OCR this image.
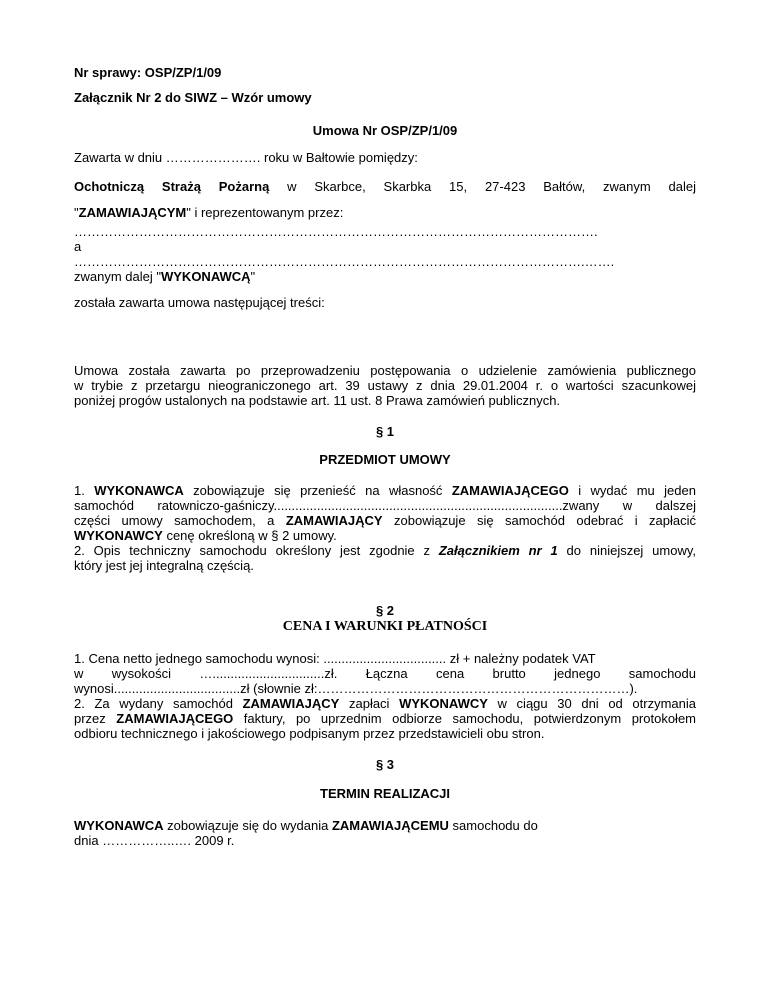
Nr sprawy: OSP/ZP/1/09
Załącznik Nr 2 do SIWZ – Wzór umowy
Umowa Nr OSP/ZP/1/09
Zawarta w dniu …………………. roku w Bałtowie pomiędzy:
Ochotniczą Strażą Pożarną w Skarbce, Skarbka 15, 27-423 Bałtów, zwanym dalej
"ZAMAWIAJĄCYM" i reprezentowanym przez:
………………………………………………………………………………………………………….
a
……………………………………………………………………………………………………….…….
zwanym dalej "WYKONAWCĄ"
została zawarta umowa następującej treści:
Umowa została zawarta po przeprowadzeniu postępowania o udzielenie zamówienia publicznego
w trybie z przetargu nieograniczonego art. 39 ustawy z dnia 29.01.2004 r. o wartości szacunkowej
poniżej progów ustalonych na podstawie art. 11 ust. 8 Prawa zamówień publicznych.
§ 1
PRZEDMIOT UMOWY
1. WYKONAWCA zobowiązuje się przenieść na własność ZAMAWIAJĄCEGO i wydać mu jeden
samochód ratowniczo-gaśniczy................................................................................zwany w dalszej
części umowy samochodem, a ZAMAWIAJĄCY zobowiązuje się samochód odebrać i zapłacić
WYKONAWCY cenę określoną w § 2 umowy.
2. Opis techniczny samochodu określony jest zgodnie z Załącznikiem nr 1 do niniejszej umowy,
który jest jej integralną częścią.
§ 2
CENA I WARUNKI PŁATNOŚCI
1. Cena netto jednego samochodu wynosi: .................................. zł + należny podatek VAT
w wysokości …...............................zł. Łączna cena brutto jednego samochodu
wynosi...................................zł (słownie zł:………………………………………………………………).
2. Za wydany samochód ZAMAWIAJĄCY zapłaci WYKONAWCY w ciągu 30 dni od otrzymania
przez ZAMAWIAJĄCEGO faktury, po uprzednim odbiorze samochodu, potwierdzonym protokołem
odbioru technicznego i jakościowego podpisanym przez przedstawicieli obu stron.
§ 3
TERMIN REALIZACJI
WYKONAWCA zobowiązuje się do wydania ZAMAWIAJĄCEMU samochodu do
dnia ……………..…. 2009 r.
